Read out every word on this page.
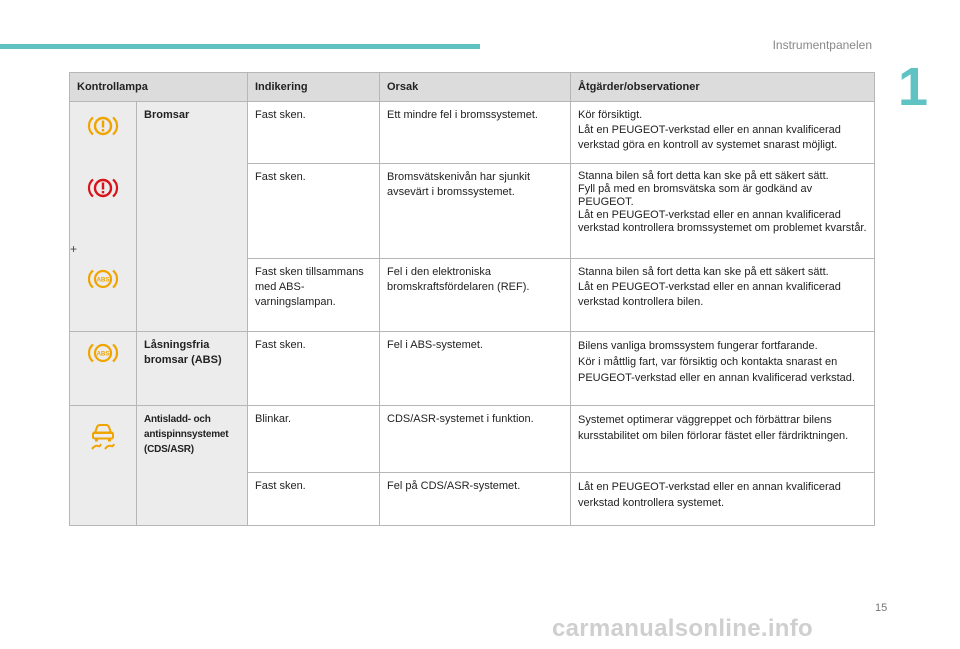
Instrumentpanelen
1
Kontrollampa		Indikering	Orsak	Åtgärder/observationer

+
ABS	Bromsar	Fast sken.	Ett mindre fel i bromssystemet.	Kör försiktigt.
Låt en PEUGEOT-verkstad eller en annan kvalificerad verkstad göra en kontroll av systemet snarast möjligt.
		Fast sken.	Bromsvätskenivån har sjunkit avsevärt i bromssystemet.	Stanna bilen så fort detta kan ske på ett säkert sätt.
Fyll på med en bromsvätska som är godkänd av PEUGEOT.
Låt en PEUGEOT-verkstad eller en annan kvalificerad verkstad kontrollera bromssystemet om problemet kvarstår.
		Fast sken tillsammans med ABS-varningslampan.	Fel i den elektroniska bromskraftsfördelaren (REF).	Stanna bilen så fort detta kan ske på ett säkert sätt.
Låt en PEUGEOT-verkstad eller en annan kvalificerad verkstad kontrollera bilen.

ABS	Låsningsfria bromsar (ABS)	Fast sken.	Fel i ABS-systemet.	Bilens vanliga bromssystem fungerar fortfarande.
Kör i måttlig fart, var försiktig och kontakta snarast en PEUGEOT-verkstad eller en annan kvalificerad verkstad.

	Antisladd- och antispinnsystemet (CDS/ASR)	Blinkar.	CDS/ASR-systemet i funktion.	Systemet optimerar väggreppet och förbättrar bilens kursstabilitet om bilen förlorar fästet eller färdriktningen.
		Fast sken.	Fel på CDS/ASR-systemet.	Låt en PEUGEOT-verkstad eller en annan kvalificerad verkstad kontrollera systemet.
15
carmanualsonline.info
